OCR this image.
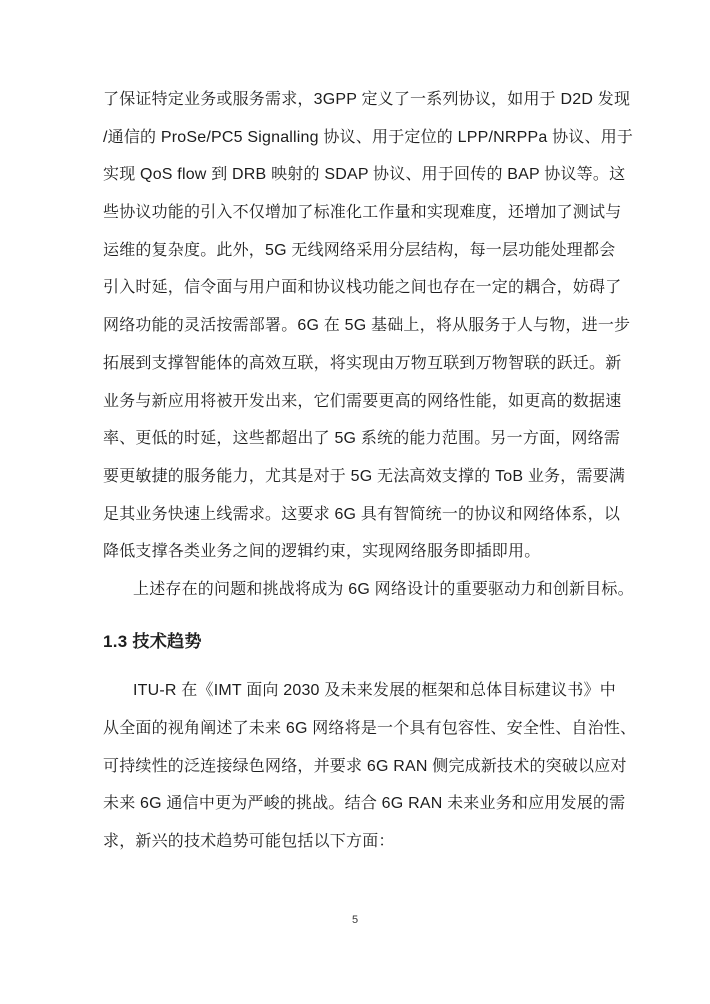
了保证特定业务或服务需求，3GPP 定义了一系列协议，如用于 D2D 发现
/通信的 ProSe/PC5 Signalling 协议、用于定位的 LPP/NRPPa 协议、用于
实现 QoS flow 到 DRB 映射的 SDAP 协议、用于回传的 BAP 协议等。这
些协议功能的引入不仅增加了标准化工作量和实现难度，还增加了测试与
运维的复杂度。此外，5G 无线网络采用分层结构，每一层功能处理都会
引入时延，信令面与用户面和协议栈功能之间也存在一定的耦合，妨碍了
网络功能的灵活按需部署。6G 在 5G 基础上，将从服务于人与物，进一步
拓展到支撑智能体的高效互联，将实现由万物互联到万物智联的跃迁。新
业务与新应用将被开发出来，它们需要更高的网络性能，如更高的数据速
率、更低的时延，这些都超出了 5G 系统的能力范围。另一方面，网络需
要更敏捷的服务能力，尤其是对于 5G 无法高效支撑的 ToB 业务，需要满
足其业务快速上线需求。这要求 6G 具有智简统一的协议和网络体系，以
降低支撑各类业务之间的逻辑约束，实现网络服务即插即用。
上述存在的问题和挑战将成为 6G 网络设计的重要驱动力和创新目标。
1.3 技术趋势
ITU-R 在《IMT 面向 2030 及未来发展的框架和总体目标建议书》中
从全面的视角阐述了未来 6G 网络将是一个具有包容性、安全性、自治性、
可持续性的泛连接绿色网络，并要求 6G RAN 侧完成新技术的突破以应对
未来 6G 通信中更为严峻的挑战。结合 6G RAN 未来业务和应用发展的需
求，新兴的技术趋势可能包括以下方面：
5
